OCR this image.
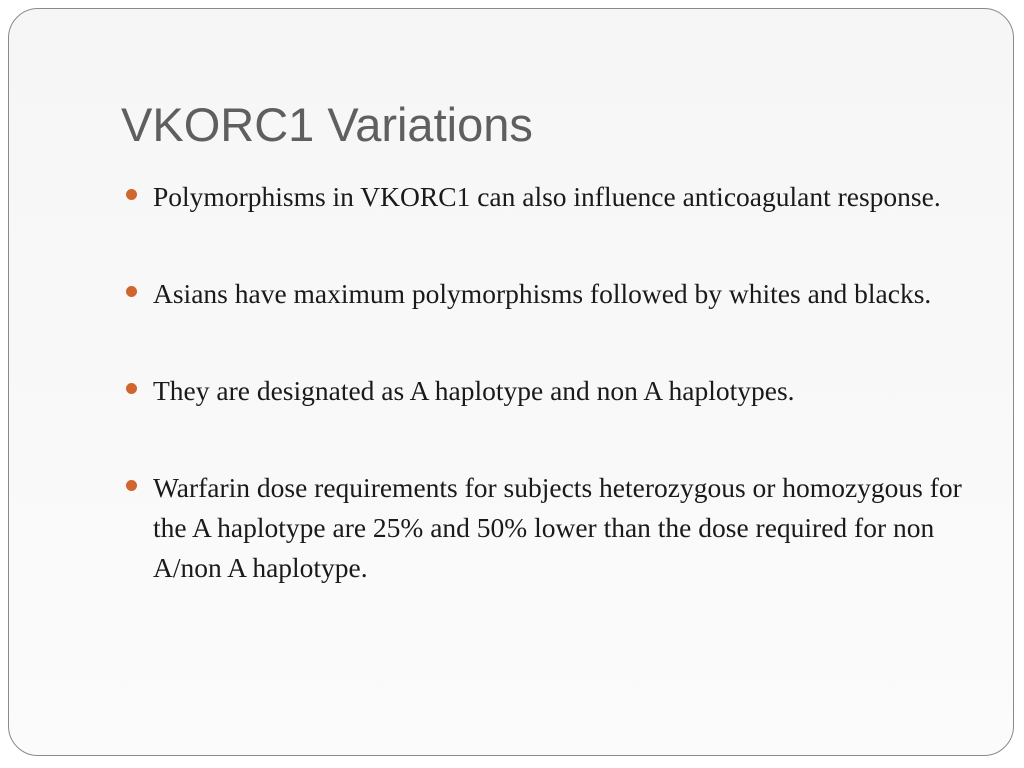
VKORC1 Variations
Polymorphisms in VKORC1 can also influence anticoagulant response.
Asians have maximum polymorphisms followed by whites and blacks.
They are designated as A haplotype and non A haplotypes.
Warfarin dose requirements for subjects heterozygous or homozygous for the A haplotype are 25% and 50% lower than the dose required for non A/non A haplotype.
